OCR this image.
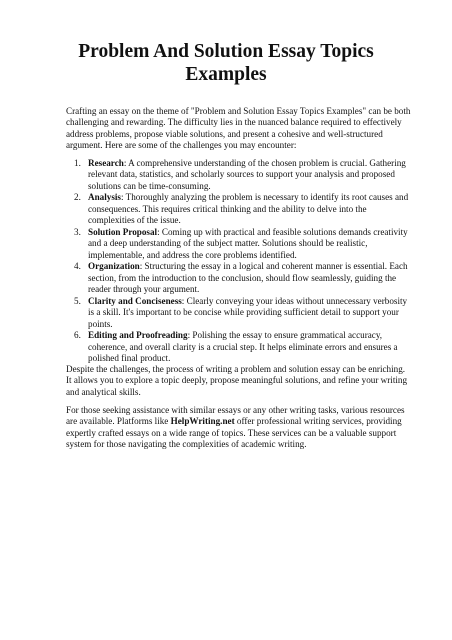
Problem And Solution Essay Topics Examples

Crafting an essay on the theme of "Problem and Solution Essay Topics Examples" can be both challenging and rewarding. The difficulty lies in the nuanced balance required to effectively address problems, propose viable solutions, and present a cohesive and well-structured argument. Here are some of the challenges you may encounter:

1. Research: A comprehensive understanding of the chosen problem is crucial. Gathering relevant data, statistics, and scholarly sources to support your analysis and proposed solutions can be time-consuming.
2. Analysis: Thoroughly analyzing the problem is necessary to identify its root causes and consequences. This requires critical thinking and the ability to delve into the complexities of the issue.
3. Solution Proposal: Coming up with practical and feasible solutions demands creativity and a deep understanding of the subject matter. Solutions should be realistic, implementable, and address the core problems identified.
4. Organization: Structuring the essay in a logical and coherent manner is essential. Each section, from the introduction to the conclusion, should flow seamlessly, guiding the reader through your argument.
5. Clarity and Conciseness: Clearly conveying your ideas without unnecessary verbosity is a skill. It's important to be concise while providing sufficient detail to support your points.
6. Editing and Proofreading: Polishing the essay to ensure grammatical accuracy, coherence, and overall clarity is a crucial step. It helps eliminate errors and ensures a polished final product.

Despite the challenges, the process of writing a problem and solution essay can be enriching. It allows you to explore a topic deeply, propose meaningful solutions, and refine your writing and analytical skills.

For those seeking assistance with similar essays or any other writing tasks, various resources are available. Platforms like HelpWriting.net offer professional writing services, providing expertly crafted essays on a wide range of topics. These services can be a valuable support system for those navigating the complexities of academic writing.
